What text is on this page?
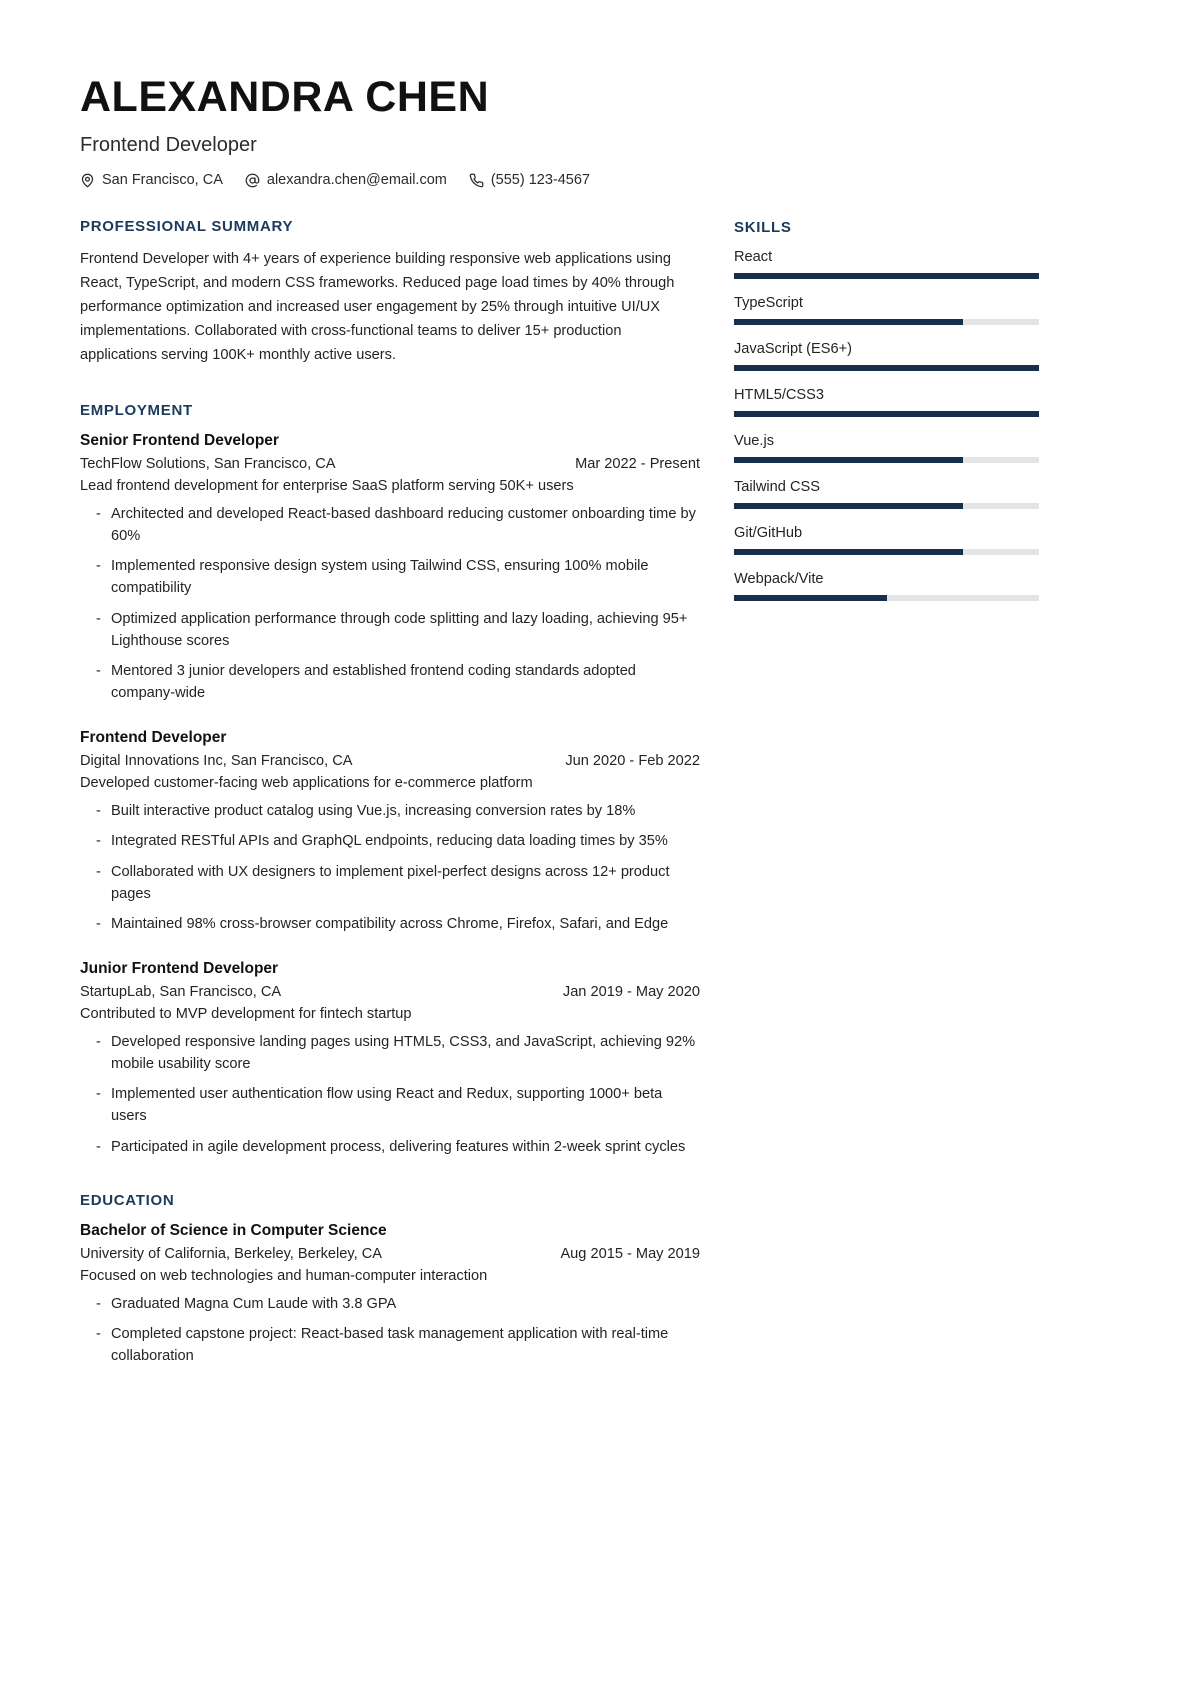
ALEXANDRA CHEN
Frontend Developer
San Francisco, CA	alexandra.chen@email.com	(555) 123-4567
PROFESSIONAL SUMMARY
Frontend Developer with 4+ years of experience building responsive web applications using React, TypeScript, and modern CSS frameworks. Reduced page load times by 40% through performance optimization and increased user engagement by 25% through intuitive UI/UX implementations. Collaborated with cross-functional teams to deliver 15+ production applications serving 100K+ monthly active users.
EMPLOYMENT
Senior Frontend Developer
TechFlow Solutions, San Francisco, CA	Mar 2022 - Present
Lead frontend development for enterprise SaaS platform serving 50K+ users
- Architected and developed React-based dashboard reducing customer onboarding time by 60%
- Implemented responsive design system using Tailwind CSS, ensuring 100% mobile compatibility
- Optimized application performance through code splitting and lazy loading, achieving 95+ Lighthouse scores
- Mentored 3 junior developers and established frontend coding standards adopted company-wide
Frontend Developer
Digital Innovations Inc, San Francisco, CA	Jun 2020 - Feb 2022
Developed customer-facing web applications for e-commerce platform
- Built interactive product catalog using Vue.js, increasing conversion rates by 18%
- Integrated RESTful APIs and GraphQL endpoints, reducing data loading times by 35%
- Collaborated with UX designers to implement pixel-perfect designs across 12+ product pages
- Maintained 98% cross-browser compatibility across Chrome, Firefox, Safari, and Edge
Junior Frontend Developer
StartupLab, San Francisco, CA	Jan 2019 - May 2020
Contributed to MVP development for fintech startup
- Developed responsive landing pages using HTML5, CSS3, and JavaScript, achieving 92% mobile usability score
- Implemented user authentication flow using React and Redux, supporting 1000+ beta users
- Participated in agile development process, delivering features within 2-week sprint cycles
EDUCATION
Bachelor of Science in Computer Science
University of California, Berkeley, Berkeley, CA	Aug 2015 - May 2019
Focused on web technologies and human-computer interaction
- Graduated Magna Cum Laude with 3.8 GPA
- Completed capstone project: React-based task management application with real-time collaboration
SKILLS
React
TypeScript
JavaScript (ES6+)
HTML5/CSS3
Vue.js
Tailwind CSS
Git/GitHub
Webpack/Vite
